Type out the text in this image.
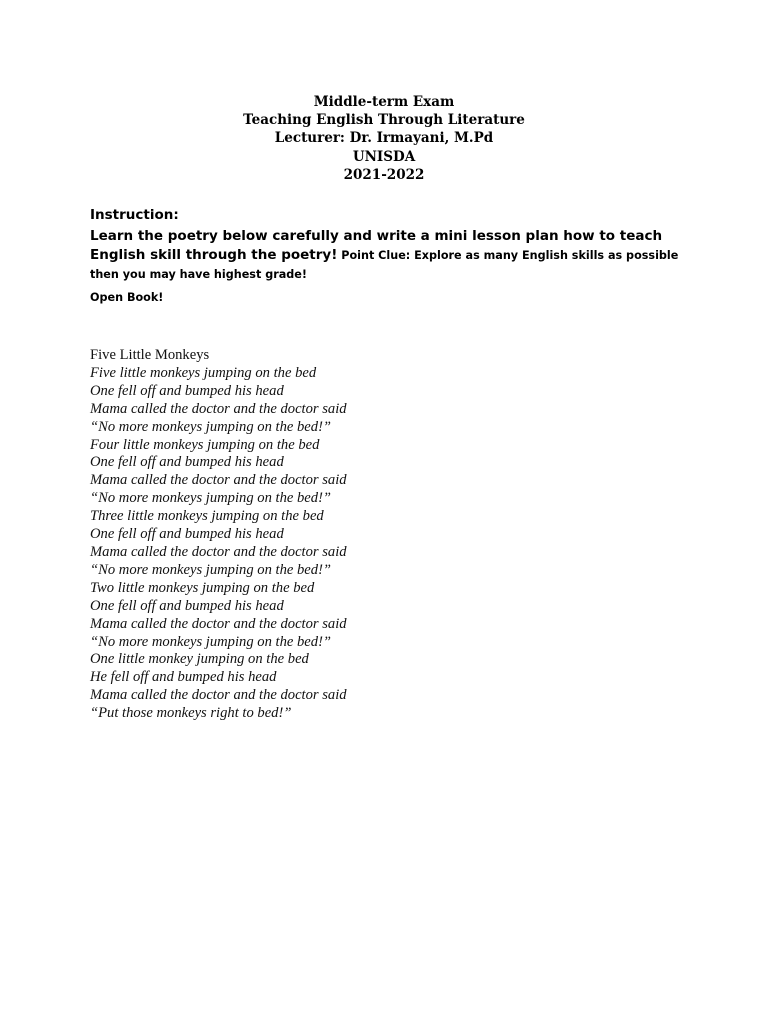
Middle-term Exam
Teaching English Through Literature
Lecturer: Dr. Irmayani, M.Pd
UNISDA
2021-2022
Instruction:
Learn the poetry below carefully and write a mini lesson plan how to teach English skill through the poetry! Point Clue: Explore as many English skills as possible then you may have highest grade!
Open Book!
Five Little Monkeys
Five little monkeys jumping on the bed
One fell off and bumped his head
Mama called the doctor and the doctor said
“No more monkeys jumping on the bed!”
Four little monkeys jumping on the bed
One fell off and bumped his head
Mama called the doctor and the doctor said
“No more monkeys jumping on the bed!”
Three little monkeys jumping on the bed
One fell off and bumped his head
Mama called the doctor and the doctor said
“No more monkeys jumping on the bed!”
Two little monkeys jumping on the bed
One fell off and bumped his head
Mama called the doctor and the doctor said
“No more monkeys jumping on the bed!”
One little monkey jumping on the bed
He fell off and bumped his head
Mama called the doctor and the doctor said
“Put those monkeys right to bed!”
